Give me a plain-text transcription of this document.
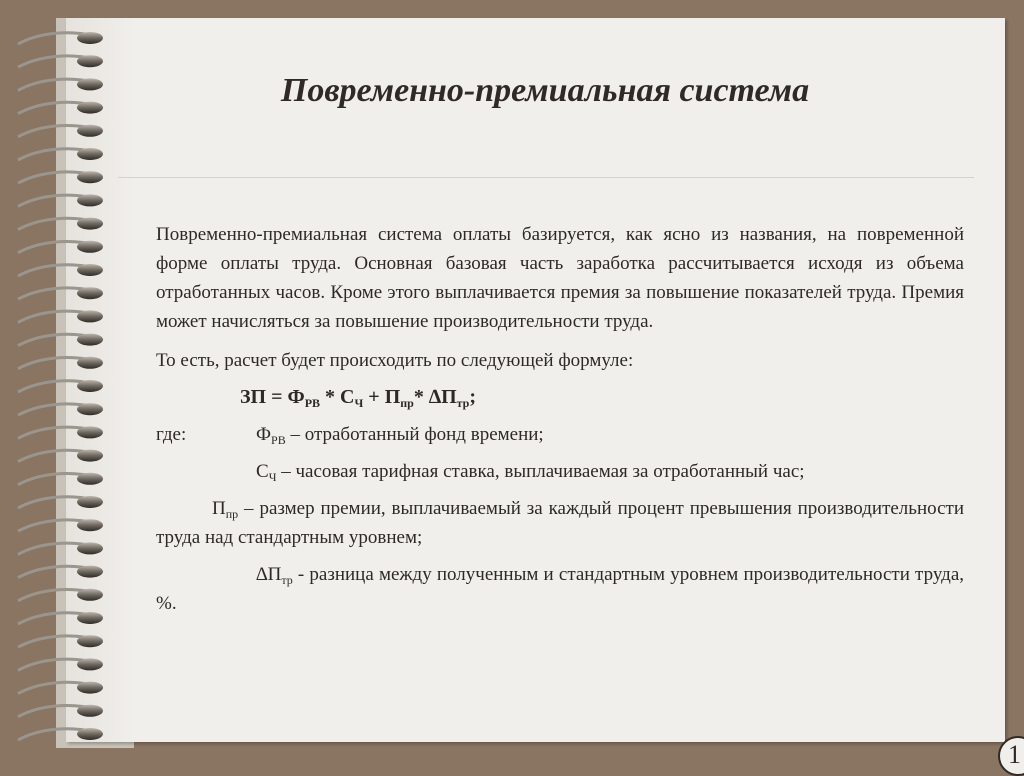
Повременно-премиальная система

Повременно-премиальная система оплаты базируется, как ясно из названия, на повременной форме оплаты труда. Основная базовая часть заработка рассчитывается исходя из объема отработанных часов. Кроме этого выплачивается премия за повышение показателей труда. Премия может начисляться за повышение производительности труда.

То есть, расчет будет происходить по следующей формуле:

ЗП = $Ф_{РВ} * С_Ч + П_{пр}*$ $\Delta П_{тр}$;

где:	$Ф_{РВ}$ – отработанный фонд времени;

$С_Ч$ – часовая тарифная ставка, выплачиваемая за отработанный час;

$П_{пр}$ – размер премии, выплачиваемый за каждый процент превышения производительности труда над стандартным уровнем;

$\Delta П_{тр}$ - разница между полученным и стандартным уровнем производительности труда, %.

1
